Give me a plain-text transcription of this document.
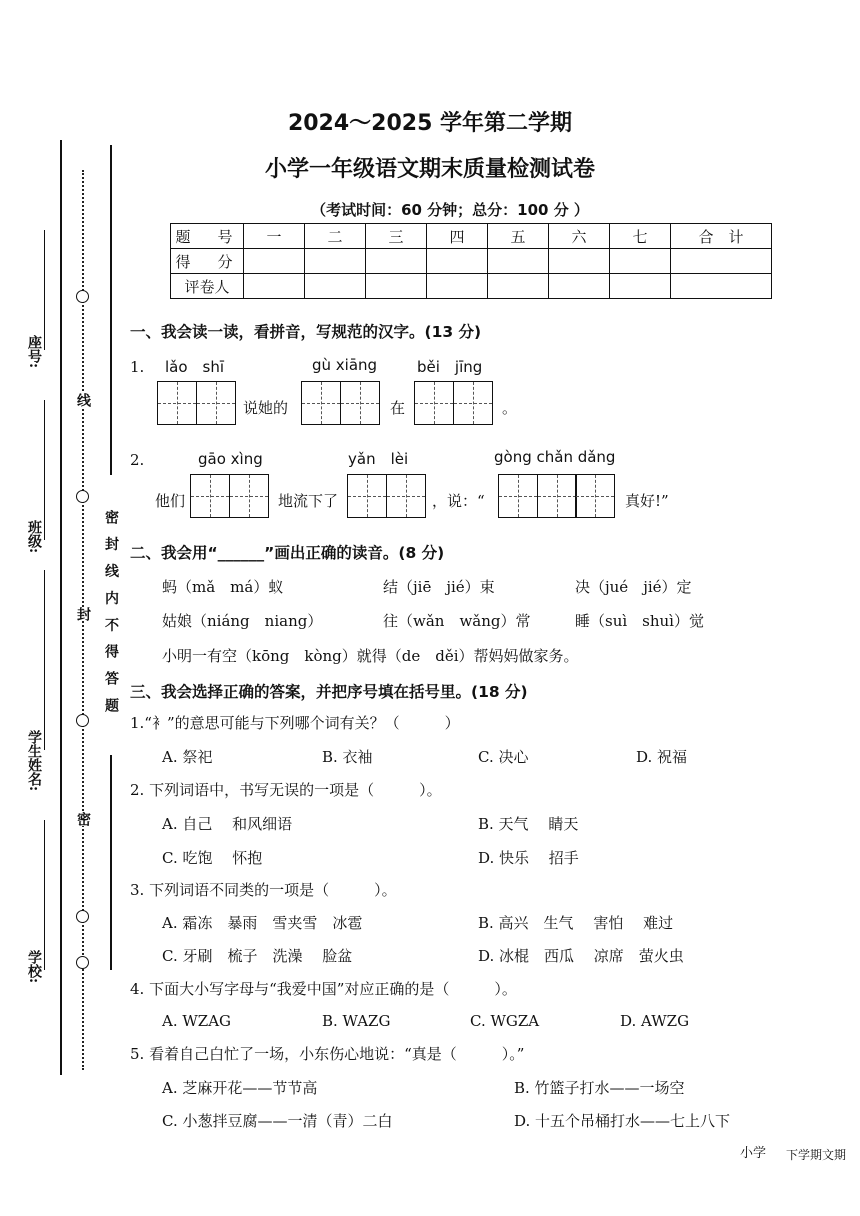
2024～2025 学年第二学期
小学一年级语文期末质量检测试卷
（考试时间：60 分钟；总分：100 分 ）
线
封
密
密 封 线 内 不 得 答 题
座号:
班级:
学生姓名:
学校:
题　号	一	二	三	四	五	六	七	合　计
得　分								
评卷人								
一、我会读一读，看拼音，写规范的汉字。(13 分)
1. lǎo　shī	gù xiāng	běi　jīng
说她的	在	。
2.	gāo xìng	yǎn　lèi	gòng chǎn dǎng
他们	地流下了	，说：“	真好!”
二、我会用“______”画出正确的读音。(8 分)
蚂（mǎ　má）蚁	结（jiē　jié）束	决（jué　jié）定
姑娘（niáng　niang）	往（wǎn　wǎng）常	睡（suì　shuì）觉
小明一有空（kōng　kòng）就得（de　děi）帮妈妈做家务。
三、我会选择正确的答案，并把序号填在括号里。(18 分)
1.“衤”的意思可能与下列哪个词有关？（　　　）
A. 祭祀	B. 衣袖	C. 决心	D. 祝福
2. 下列词语中，书写无误的一项是（　　　）。
A. 自己　 和风细语	B. 天气　 睛天
C. 吃饱　 怀抱	D. 快乐　 招手
3. 下列词语不同类的一项是（　　　）。
A. 霜冻　暴雨　雪夹雪　冰雹	B. 高兴　生气　 害怕　 难过
C. 牙刷　梳子　洗澡　 脸盆	D. 冰棍　西瓜　 凉席　萤火虫
4. 下面大小写字母与“我爱中国”对应正确的是（　　　）。
A. WZAG	B. WAZG	C. WGZA	D. AWZG
5. 看着自己白忙了一场，小东伤心地说：“真是（　　　）。”
A. 芝麻开花——节节高	B. 竹篮子打水——一场空
C. 小葱拌豆腐——一清（青）二白	D. 十五个吊桶打水——七上八下
小学 下学期文期
